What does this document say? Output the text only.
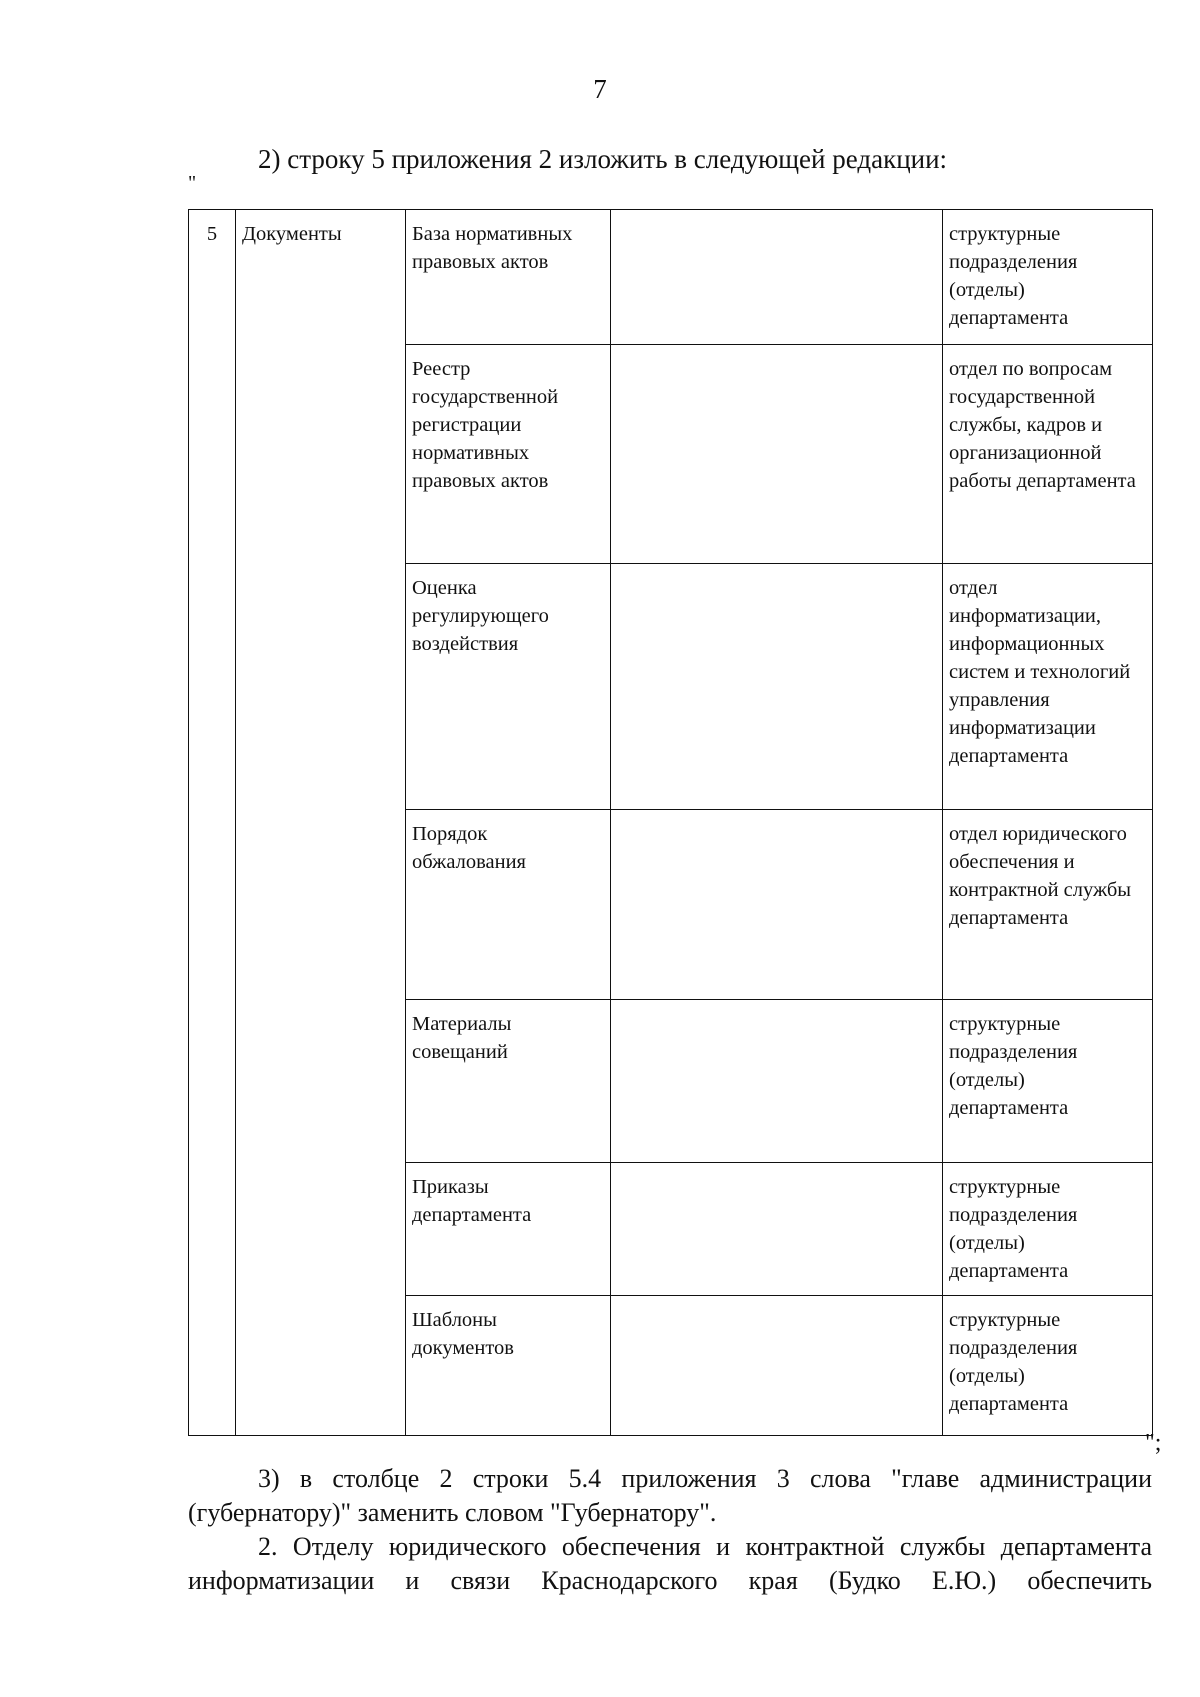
7
2) строку 5 приложения 2 изложить в следующей редакции:
"
5	Документы	База нормативных правовых актов		структурные подразделения (отделы) департамента
		Реестр государственной регистрации нормативных правовых актов		отдел по вопросам государственной службы, кадров и организационной работы департамента
		Оценка регулирующего воздействия		отдел информатизации, информационных систем и технологий управления информатизации департамента
		Порядок обжалования		отдел юридического обеспечения и контрактной службы департамента
		Материалы совещаний		структурные подразделения (отделы) департамента
		Приказы департамента		структурные подразделения (отделы) департамента
		Шаблоны документов		структурные подразделения (отделы) департамента
";
3) в столбце 2 строки 5.4 приложения 3 слова "главе администрации (губернатору)" заменить словом "Губернатору".
2. Отделу юридического обеспечения и контрактной службы департамента информатизации и связи Краснодарского края (Будко Е.Ю.) обеспечить
